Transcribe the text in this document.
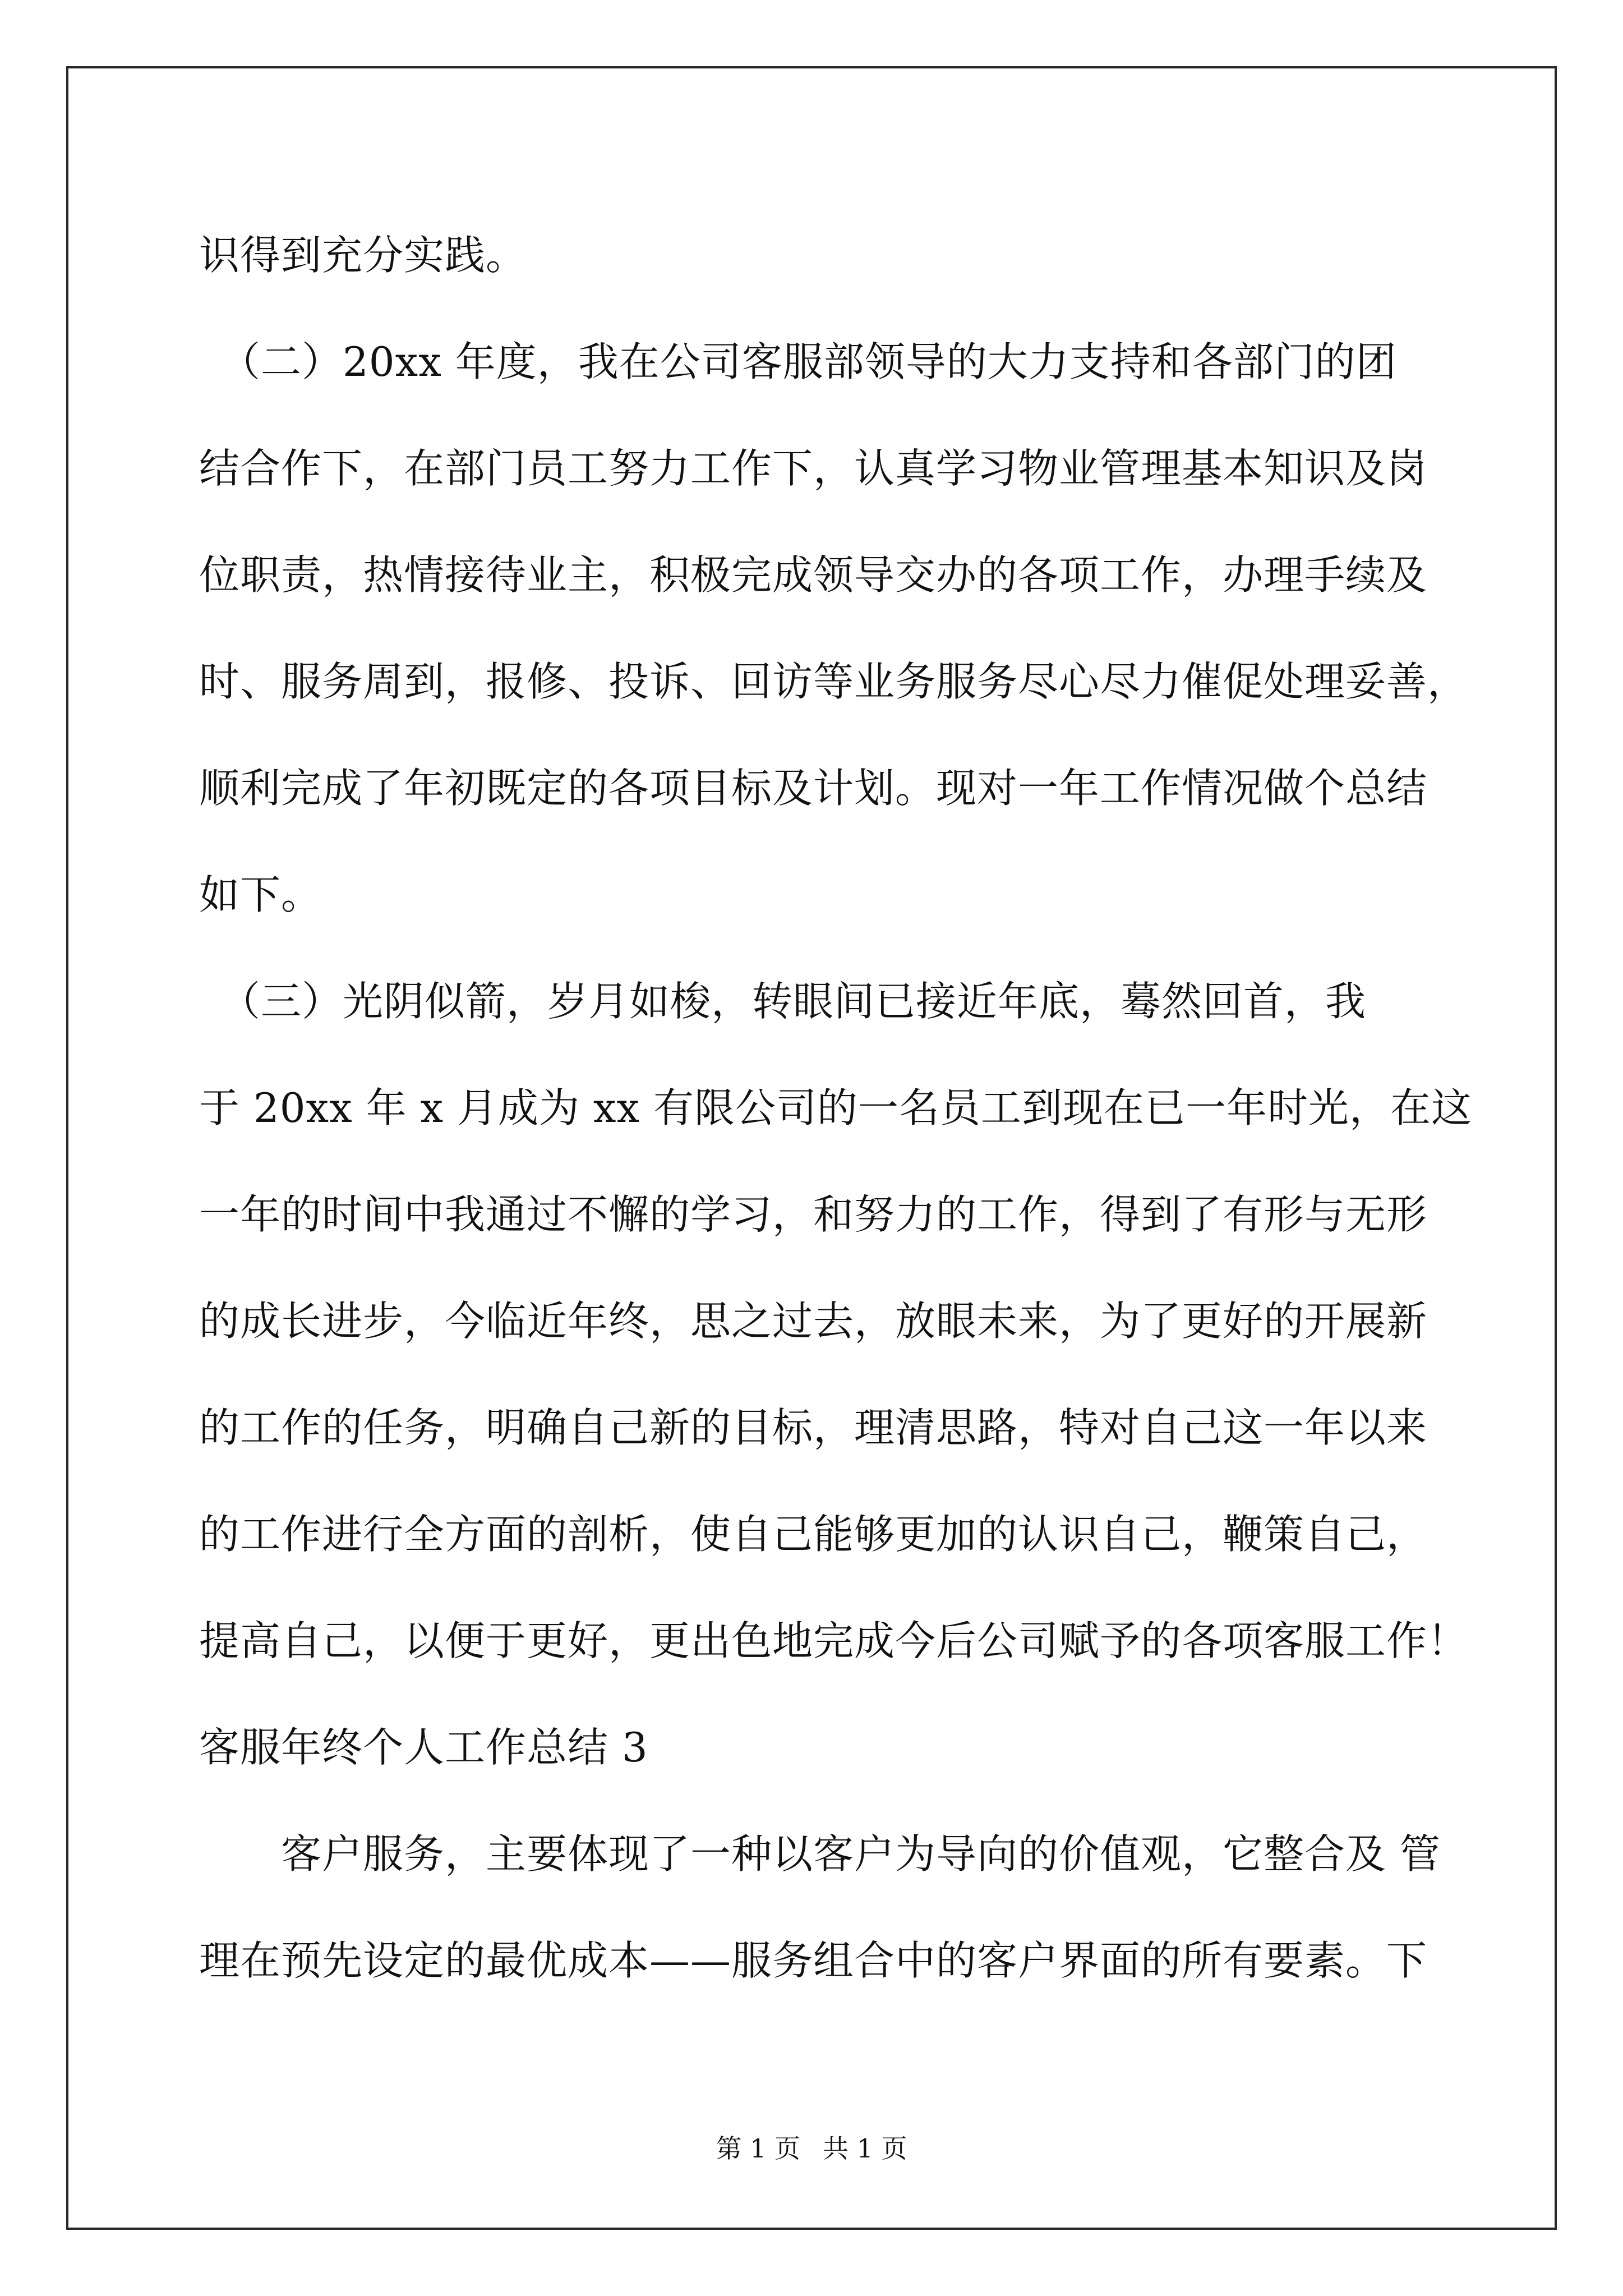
识得到充分实践。
　（二）20xx 年度，我在公司客服部领导的大力支持和各部门的团
结合作下，在部门员工努力工作下，认真学习物业管理基本知识及岗
位职责，热情接待业主，积极完成领导交办的各项工作，办理手续及
时、服务周到，报修、投诉、回访等业务服务尽心尽力催促处理妥善，
顺利完成了年初既定的各项目标及计划。现对一年工作情况做个总结
如下。
　（三）光阴似箭，岁月如梭，转眼间已接近年底，蓦然回首，我
于 20xx 年 x 月成为 xx 有限公司的一名员工到现在已一年时光，在这
一年的时间中我通过不懈的学习，和努力的工作，得到了有形与无形
的成长进步，今临近年终，思之过去，放眼未来，为了更好的开展新
的工作的任务，明确自己新的目标，理清思路，特对自己这一年以来
的工作进行全方面的剖析，使自己能够更加的认识自己，鞭策自己，
提高自己，以便于更好，更出色地完成今后公司赋予的各项客服工作！
客服年终个人工作总结 3
　　客户服务，主要体现了一种以客户为导向的价值观，它整合及 管
理在预先设定的最优成本——服务组合中的客户界面的所有要素。下
第 1 页 共 1 页
